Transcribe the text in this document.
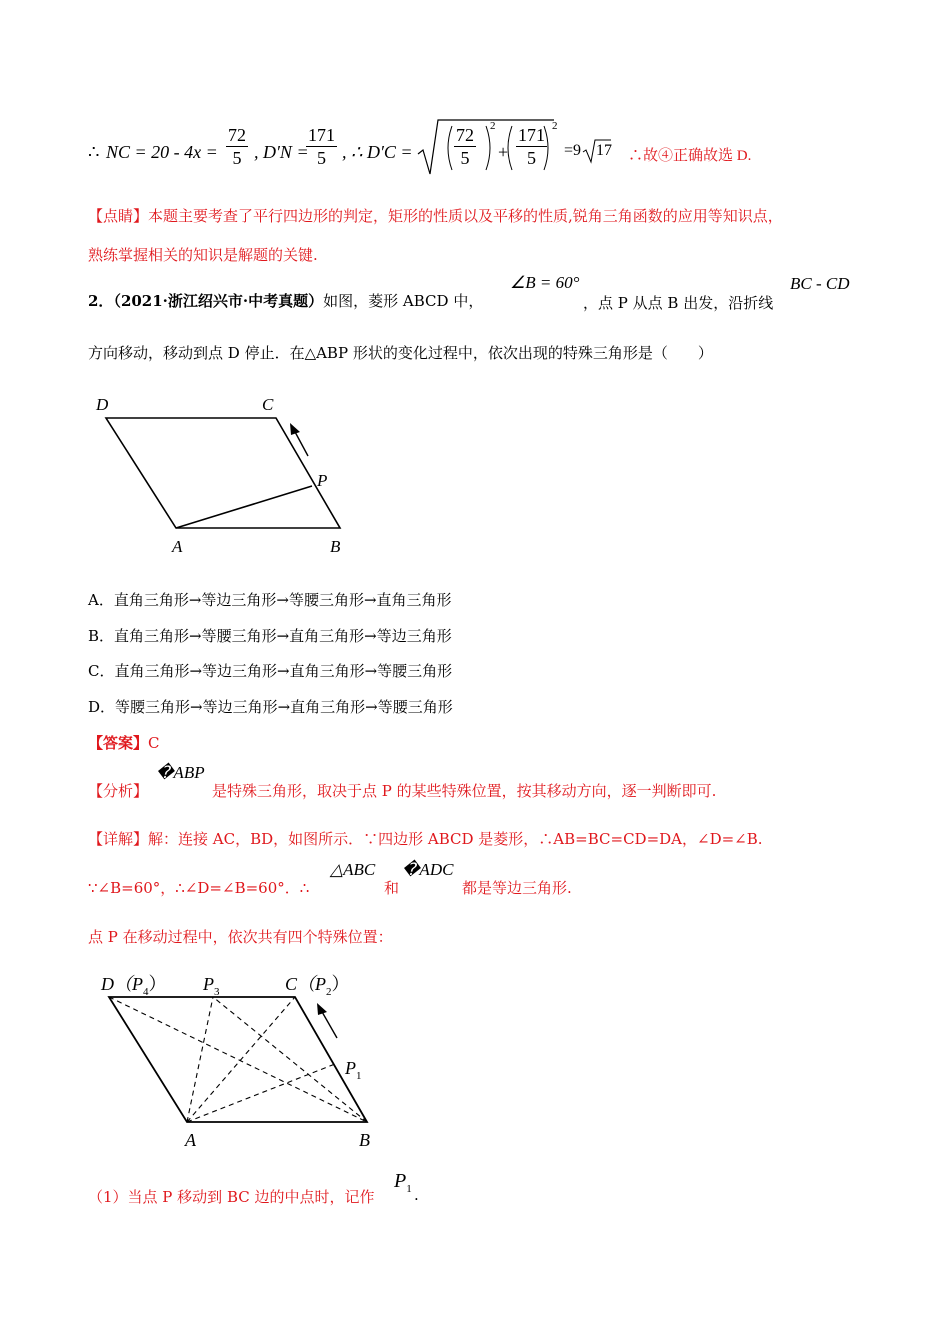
∴ NC = $20 - 4x = \frac{72}{5}$ , D′N =
$\frac{171}{5}$ , ∴ $D'C = \frac{72}{5} 2$
+ $\frac{171}{5} 2$
=9 17 ∴故④正确故选 D.
【点睛】本题主要考查了平行四边形的判定，矩形的性质以及平移的性质,锐角三角函数的应用等知识点，
熟练掌握相关的知识是解题的关键.
2．（2021·浙江绍兴市·中考真题）如图，菱形 ABCD 中，
∠B = 60°
，点 P 从点 B 出发，沿折线
BC - CD
方向移动，移动到点 D 停止．在△ABP 形状的变化过程中，依次出现的特殊三角形是（　　）
D	C
P
A	B
A．直角三角形→等边三角形→等腰三角形→直角三角形
B．直角三角形→等腰三角形→直角三角形→等边三角形
C．直角三角形→等边三角形→直角三角形→等腰三角形
D．等腰三角形→等边三角形→直角三角形→等腰三角形
【答案】C
【分析】
�ABP
是特殊三角形，取决于点 P 的某些特殊位置，按其移动方向，逐一判断即可.
【详解】解：连接 AC，BD，如图所示．∵四边形 ABCD 是菱形，∴AB=BC=CD=DA，∠D=∠B.
∵∠B=60°，∴∠D=∠B=60°．∴
△ABC
和
�ADC
都是等边三角形.
点 P 在移动过程中，依次共有四个特殊位置：
$D(P_4)$ $P_3$	$C(P_2)$
$P_1$
A	B
（1）当点 P 移动到 BC 边的中点时，记作
$P_1$ .
